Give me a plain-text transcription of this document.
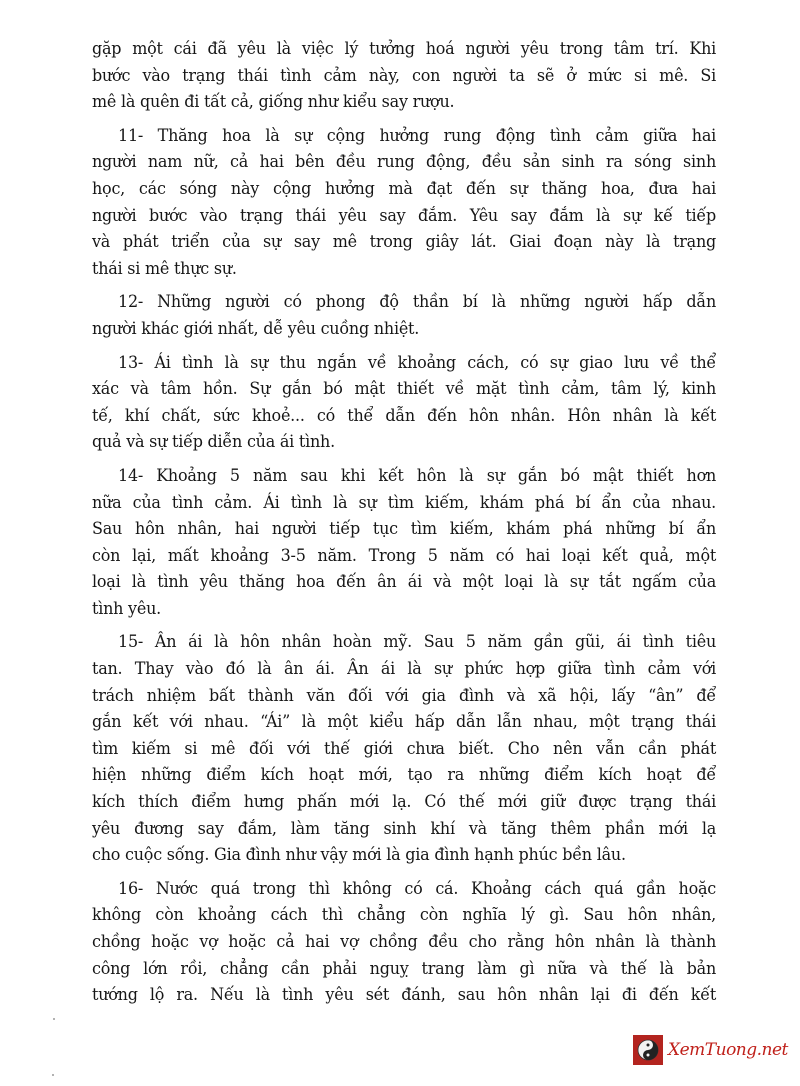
gặp một cái đã yêu là việc lý tưởng hoá người yêu trong tâm trí. Khi
bước vào trạng thái tình cảm này, con người ta sẽ ở mức si mê. Si
mê là quên đi tất cả, giống như kiểu say rượu.
11- Thăng hoa là sự cộng hưởng rung động tình cảm giữa hai
người nam nữ, cả hai bên đều rung động, đều sản sinh ra sóng sinh
học, các sóng này cộng hưởng mà đạt đến sự thăng hoa, đưa hai
người bước vào trạng thái yêu say đắm. Yêu say đắm là sự kế tiếp
và phát triển của sự say mê trong giây lát. Giai đoạn này là trạng
thái si mê thực sự.
12- Những người có phong độ thần bí là những người hấp dẫn
người khác giới nhất, dễ yêu cuồng nhiệt.
13- Ái tình là sự thu ngắn về khoảng cách, có sự giao lưu về thể
xác và tâm hồn. Sự gắn bó mật thiết về mặt tình cảm, tâm lý, kinh
tế, khí chất, sức khoẻ... có thể dẫn đến hôn nhân. Hôn nhân là kết
quả và sự tiếp diễn của ái tình.
14- Khoảng 5 năm sau khi kết hôn là sự gắn bó mật thiết hơn
nữa của tình cảm. Ái tình là sự tìm kiếm, khám phá bí ẩn của nhau.
Sau hôn nhân, hai người tiếp tục tìm kiếm, khám phá những bí ẩn
còn lại, mất khoảng 3-5 năm. Trong 5 năm có hai loại kết quả, một
loại là tình yêu thăng hoa đến ân ái và một loại là sự tắt ngấm của
tình yêu.
15- Ân ái là hôn nhân hoàn mỹ. Sau 5 năm gần gũi, ái tình tiêu
tan. Thay vào đó là ân ái. Ân ái là sự phức hợp giữa tình cảm với
trách nhiệm bất thành văn đối với gia đình và xã hội, lấy “ân” để
gắn kết với nhau. “Ái” là một kiểu hấp dẫn lẫn nhau, một trạng thái
tìm kiếm si mê đối với thế giới chưa biết. Cho nên vẫn cần phát
hiện những điểm kích hoạt mới, tạo ra những điểm kích hoạt để
kích thích điểm hưng phấn mới lạ. Có thế mới giữ được trạng thái
yêu đương say đắm, làm tăng sinh khí và tăng thêm phần mới lạ
cho cuộc sống. Gia đình như vậy mới là gia đình hạnh phúc bền lâu.
16- Nước quá trong thì không có cá. Khoảng cách quá gần hoặc
không còn khoảng cách thì chẳng còn nghĩa lý gì. Sau hôn nhân,
chồng hoặc vợ hoặc cả hai vợ chồng đều cho rằng hôn nhân là thành
công lớn rồi, chẳng cần phải nguỵ trang làm gì nữa và thế là bản
tướng lộ ra. Nếu là tình yêu sét đánh, sau hôn nhân lại đi đến kết
XemTuong.net
